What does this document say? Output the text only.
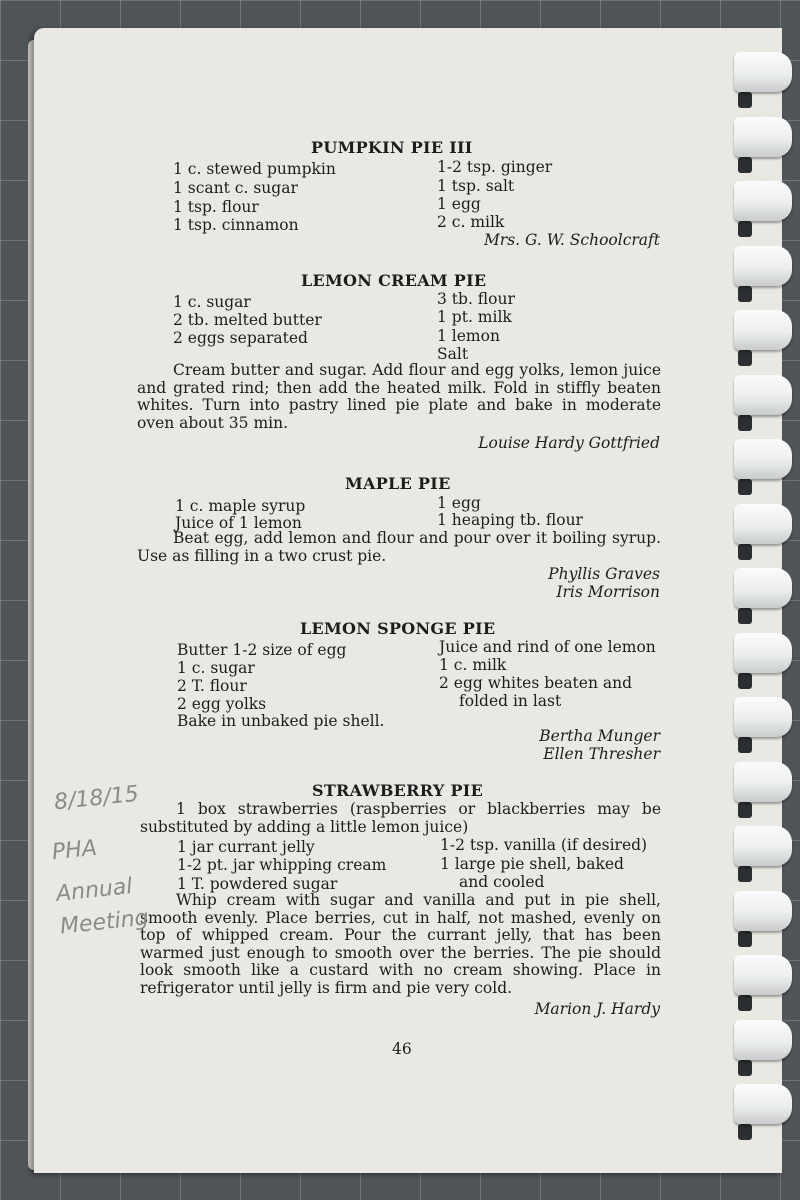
PUMPKIN PIE III
1 c. stewed pumpkin
1 scant c. sugar
1 tsp. flour
1 tsp. cinnamon
1-2 tsp. ginger
1 tsp. salt
1 egg
2 c. milk
Mrs. G. W. Schoolcraft
LEMON CREAM PIE
1 c. sugar
2 tb. melted butter
2 eggs separated
3 tb. flour
1 pt. milk
1 lemon
Salt
Cream butter and sugar. Add flour and egg yolks, lemon juice and grated rind; then add the heated milk. Fold in stiffly beaten whites. Turn into pastry lined pie plate and bake in moderate oven about 35 min.
Louise Hardy Gottfried
MAPLE PIE
1 c. maple syrup
Juice of 1 lemon
1 egg
1 heaping tb. flour
Beat egg, add lemon and flour and pour over it boiling syrup. Use as filling in a two crust pie.
Phyllis Graves
Iris Morrison
LEMON SPONGE PIE
Butter 1-2 size of egg
1 c. sugar
2 T. flour
2 egg yolks
Bake in unbaked pie shell.
Juice and rind of one lemon
1 c. milk
2 egg whites beaten and
folded in last
Bertha Munger
Ellen Thresher
STRAWBERRY PIE
1 box strawberries (raspberries or blackberries may be substituted by adding a little lemon juice)
1 jar currant jelly
1-2 pt. jar whipping cream
1 T. powdered sugar
1-2 tsp. vanilla (if desired)
1 large pie shell, baked
and cooled
Whip cream with sugar and vanilla and put in pie shell, smooth evenly. Place berries, cut in half, not mashed, evenly on top of whipped cream. Pour the currant jelly, that has been warmed just enough to smooth over the berries. The pie should look smooth like a custard with no cream showing. Place in refrigerator until jelly is firm and pie very cold.
Marion J. Hardy
8/18/15
PHA
Annual
Meeting
46
